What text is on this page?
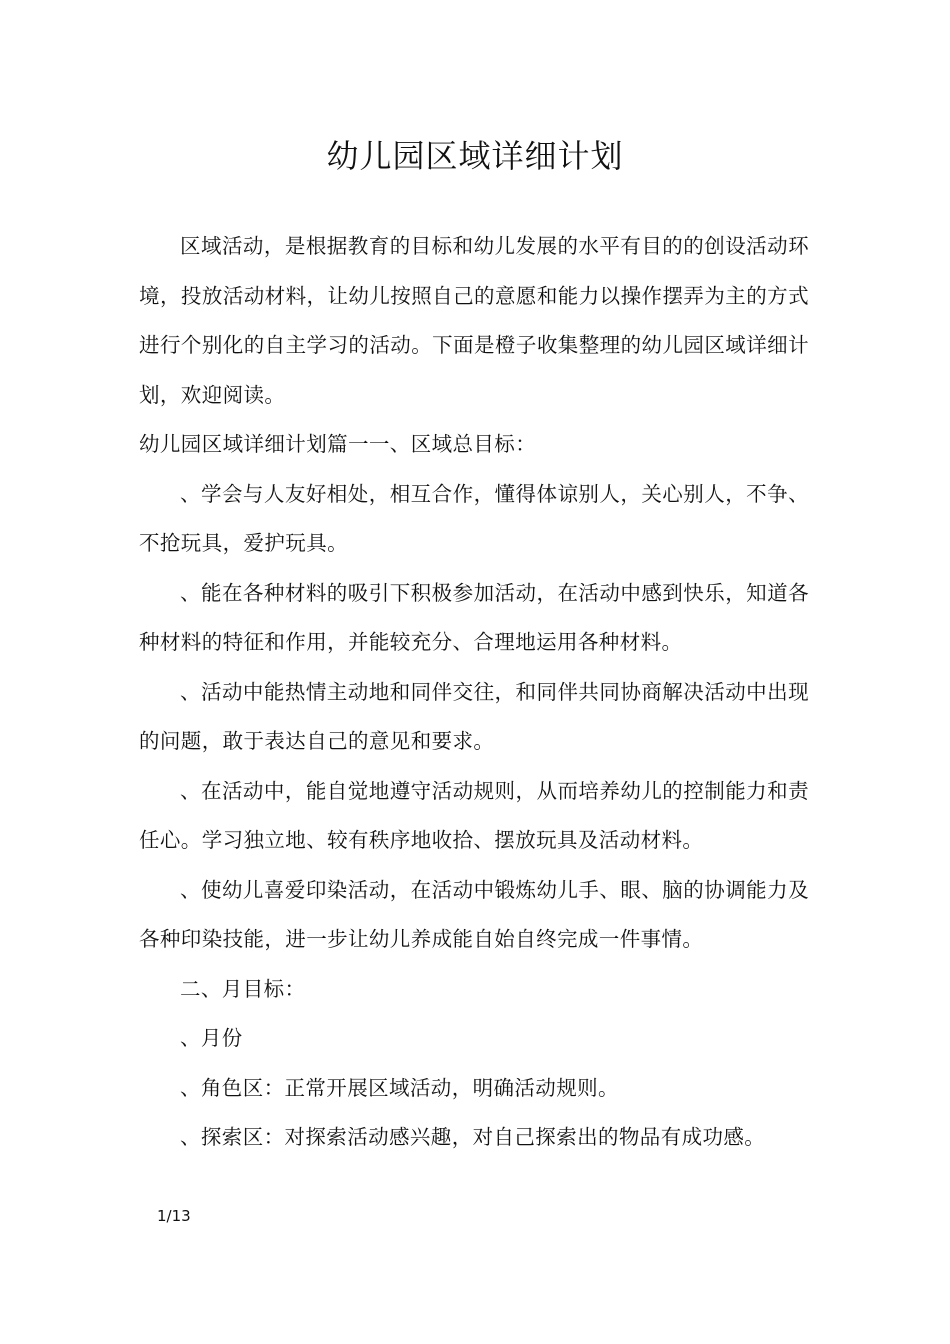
幼儿园区域详细计划

区域活动，是根据教育的目标和幼儿发展的水平有目的的创设活动环境，投放活动材料，让幼儿按照自己的意愿和能力以操作摆弄为主的方式进行个别化的自主学习的活动。下面是橙子收集整理的幼儿园区域详细计划，欢迎阅读。

幼儿园区域详细计划篇一一、区域总目标：

、学会与人友好相处，相互合作，懂得体谅别人，关心别人，不争、不抢玩具，爱护玩具。

、能在各种材料的吸引下积极参加活动，在活动中感到快乐，知道各种材料的特征和作用，并能较充分、合理地运用各种材料。

、活动中能热情主动地和同伴交往，和同伴共同协商解决活动中出现的问题，敢于表达自己的意见和要求。

、在活动中，能自觉地遵守活动规则，从而培养幼儿的控制能力和责任心。学习独立地、较有秩序地收拾、摆放玩具及活动材料。

、使幼儿喜爱印染活动，在活动中锻炼幼儿手、眼、脑的协调能力及各种印染技能，进一步让幼儿养成能自始自终完成一件事情。

二、月目标：

、月份

、角色区：正常开展区域活动，明确活动规则。

、探索区：对探索活动感兴趣，对自己探索出的物品有成功感。

1/13
